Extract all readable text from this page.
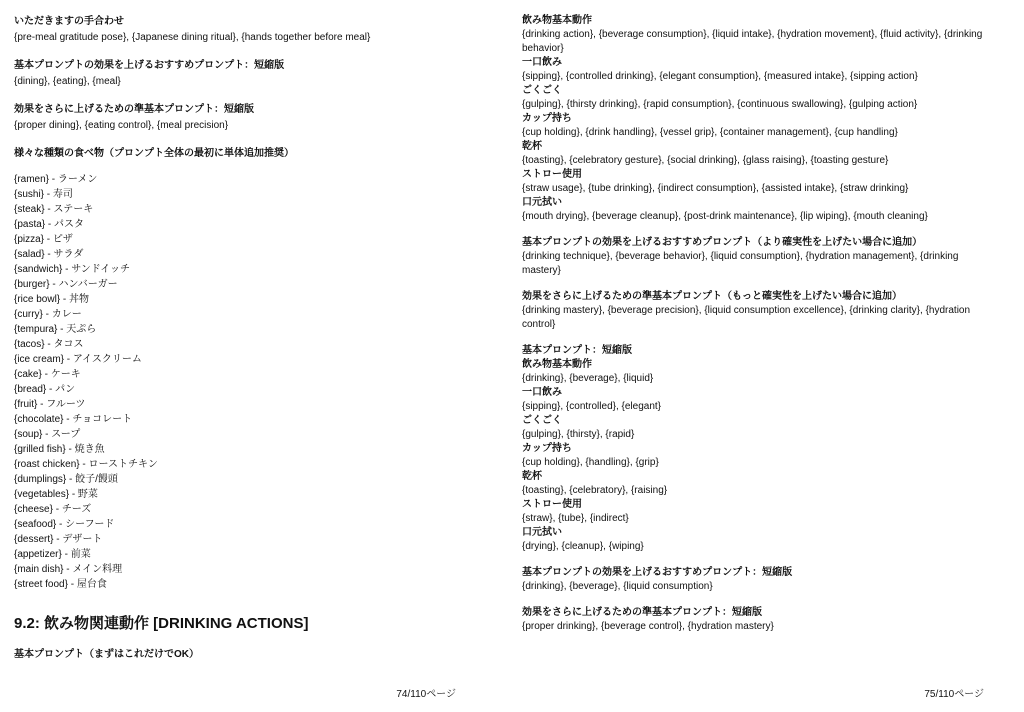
いただきますの手合わせ
{pre-meal gratitude pose}, {Japanese dining ritual}, {hands together before meal}
基本プロンプトの効果を上げるおすすめプロンプト：短縮版
{dining}, {eating}, {meal}
効果をさらに上げるための準基本プロンプト：短縮版
{proper dining}, {eating control}, {meal precision}
様々な種類の食べ物（プロンプト全体の最初に単体追加推奨）
{ramen} - ラーメン
{sushi} - 寿司
{steak} - ステーキ
{pasta} - パスタ
{pizza} - ピザ
{salad} - サラダ
{sandwich} - サンドイッチ
{burger} - ハンバーガー
{rice bowl} - 丼物
{curry} - カレー
{tempura} - 天ぷら
{tacos} - タコス
{ice cream} - アイスクリーム
{cake} - ケーキ
{bread} - パン
{fruit} - フルーツ
{chocolate} - チョコレート
{soup} - スープ
{grilled fish} - 焼き魚
{roast chicken} - ローストチキン
{dumplings} - 餃子/饅頭
{vegetables} - 野菜
{cheese} - チーズ
{seafood} - シーフード
{dessert} - デザート
{appetizer} - 前菜
{main dish} - メイン料理
{street food} - 屋台食
9.2: 飲み物関連動作 [DRINKING ACTIONS]
基本プロンプト（まずはこれだけでOK）
74/110ページ
飲み物基本動作
{drinking action}, {beverage consumption}, {liquid intake}, {hydration movement}, {fluid activity}, {drinking behavior}
一口飲み
{sipping}, {controlled drinking}, {elegant consumption}, {measured intake}, {sipping action}
ごくごく
{gulping}, {thirsty drinking}, {rapid consumption}, {continuous swallowing}, {gulping action}
カップ持ち
{cup holding}, {drink handling}, {vessel grip}, {container management}, {cup handling}
乾杯
{toasting}, {celebratory gesture}, {social drinking}, {glass raising}, {toasting gesture}
ストロー使用
{straw usage}, {tube drinking}, {indirect consumption}, {assisted intake}, {straw drinking}
口元拭い
{mouth drying}, {beverage cleanup}, {post-drink maintenance}, {lip wiping}, {mouth cleaning}
基本プロンプトの効果を上げるおすすめプロンプト（より確実性を上げたい場合に追加）
{drinking technique}, {beverage behavior}, {liquid consumption}, {hydration management}, {drinking mastery}
効果をさらに上げるための準基本プロンプト（もっと確実性を上げたい場合に追加）
{drinking mastery}, {beverage precision}, {liquid consumption excellence}, {drinking clarity}, {hydration control}
基本プロンプト：短縮版
飲み物基本動作
{drinking}, {beverage}, {liquid}
一口飲み
{sipping}, {controlled}, {elegant}
ごくごく
{gulping}, {thirsty}, {rapid}
カップ持ち
{cup holding}, {handling}, {grip}
乾杯
{toasting}, {celebratory}, {raising}
ストロー使用
{straw}, {tube}, {indirect}
口元拭い
{drying}, {cleanup}, {wiping}
基本プロンプトの効果を上げるおすすめプロンプト：短縮版
{drinking}, {beverage}, {liquid consumption}
効果をさらに上げるための準基本プロンプト：短縮版
{proper drinking}, {beverage control}, {hydration mastery}
75/110ページ
